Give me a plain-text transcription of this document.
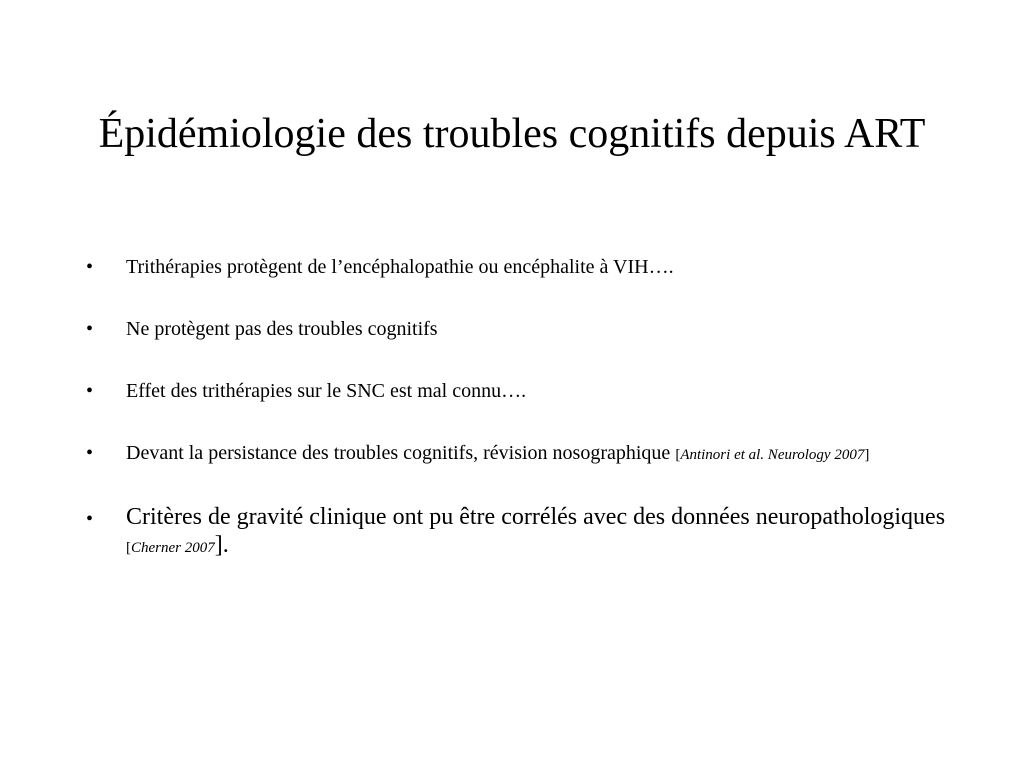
Épidémiologie des troubles cognitifs depuis ART
•	Trithérapies protègent de l’encéphalopathie ou encéphalite à VIH….
•	Ne protègent pas des troubles cognitifs
•	Effet des trithérapies sur le SNC est mal connu….
•	Devant la persistance des troubles cognitifs, révision nosographique [Antinori et al. Neurology 2007]
•	Critères de gravité clinique ont pu être corrélés avec des données neuropathologiques [Cherner 2007].
